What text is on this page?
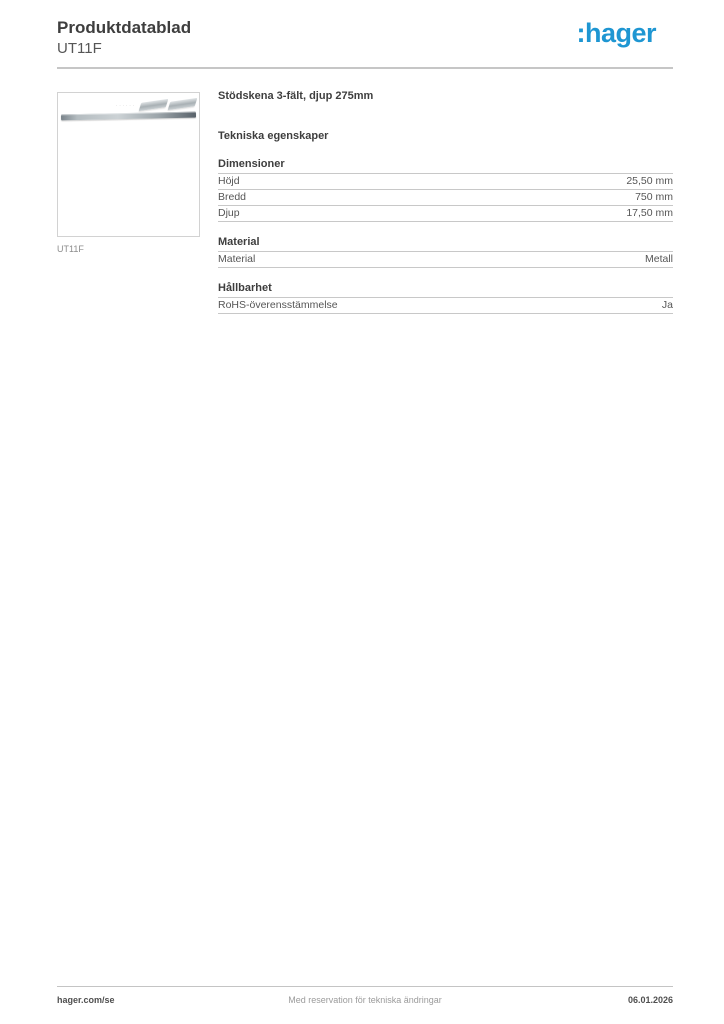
Produktdatablad
UT11F
:hager
······
UT11F
Stödskena 3-fält, djup 275mm
Tekniska egenskaper
Dimensioner
Höjd	25,50 mm
Bredd	750 mm
Djup	17,50 mm
Material
Material	Metall
Hållbarhet
RoHS-överensstämmelse	Ja
hager.com/se	Med reservation för tekniska ändringar	06.01.2026
